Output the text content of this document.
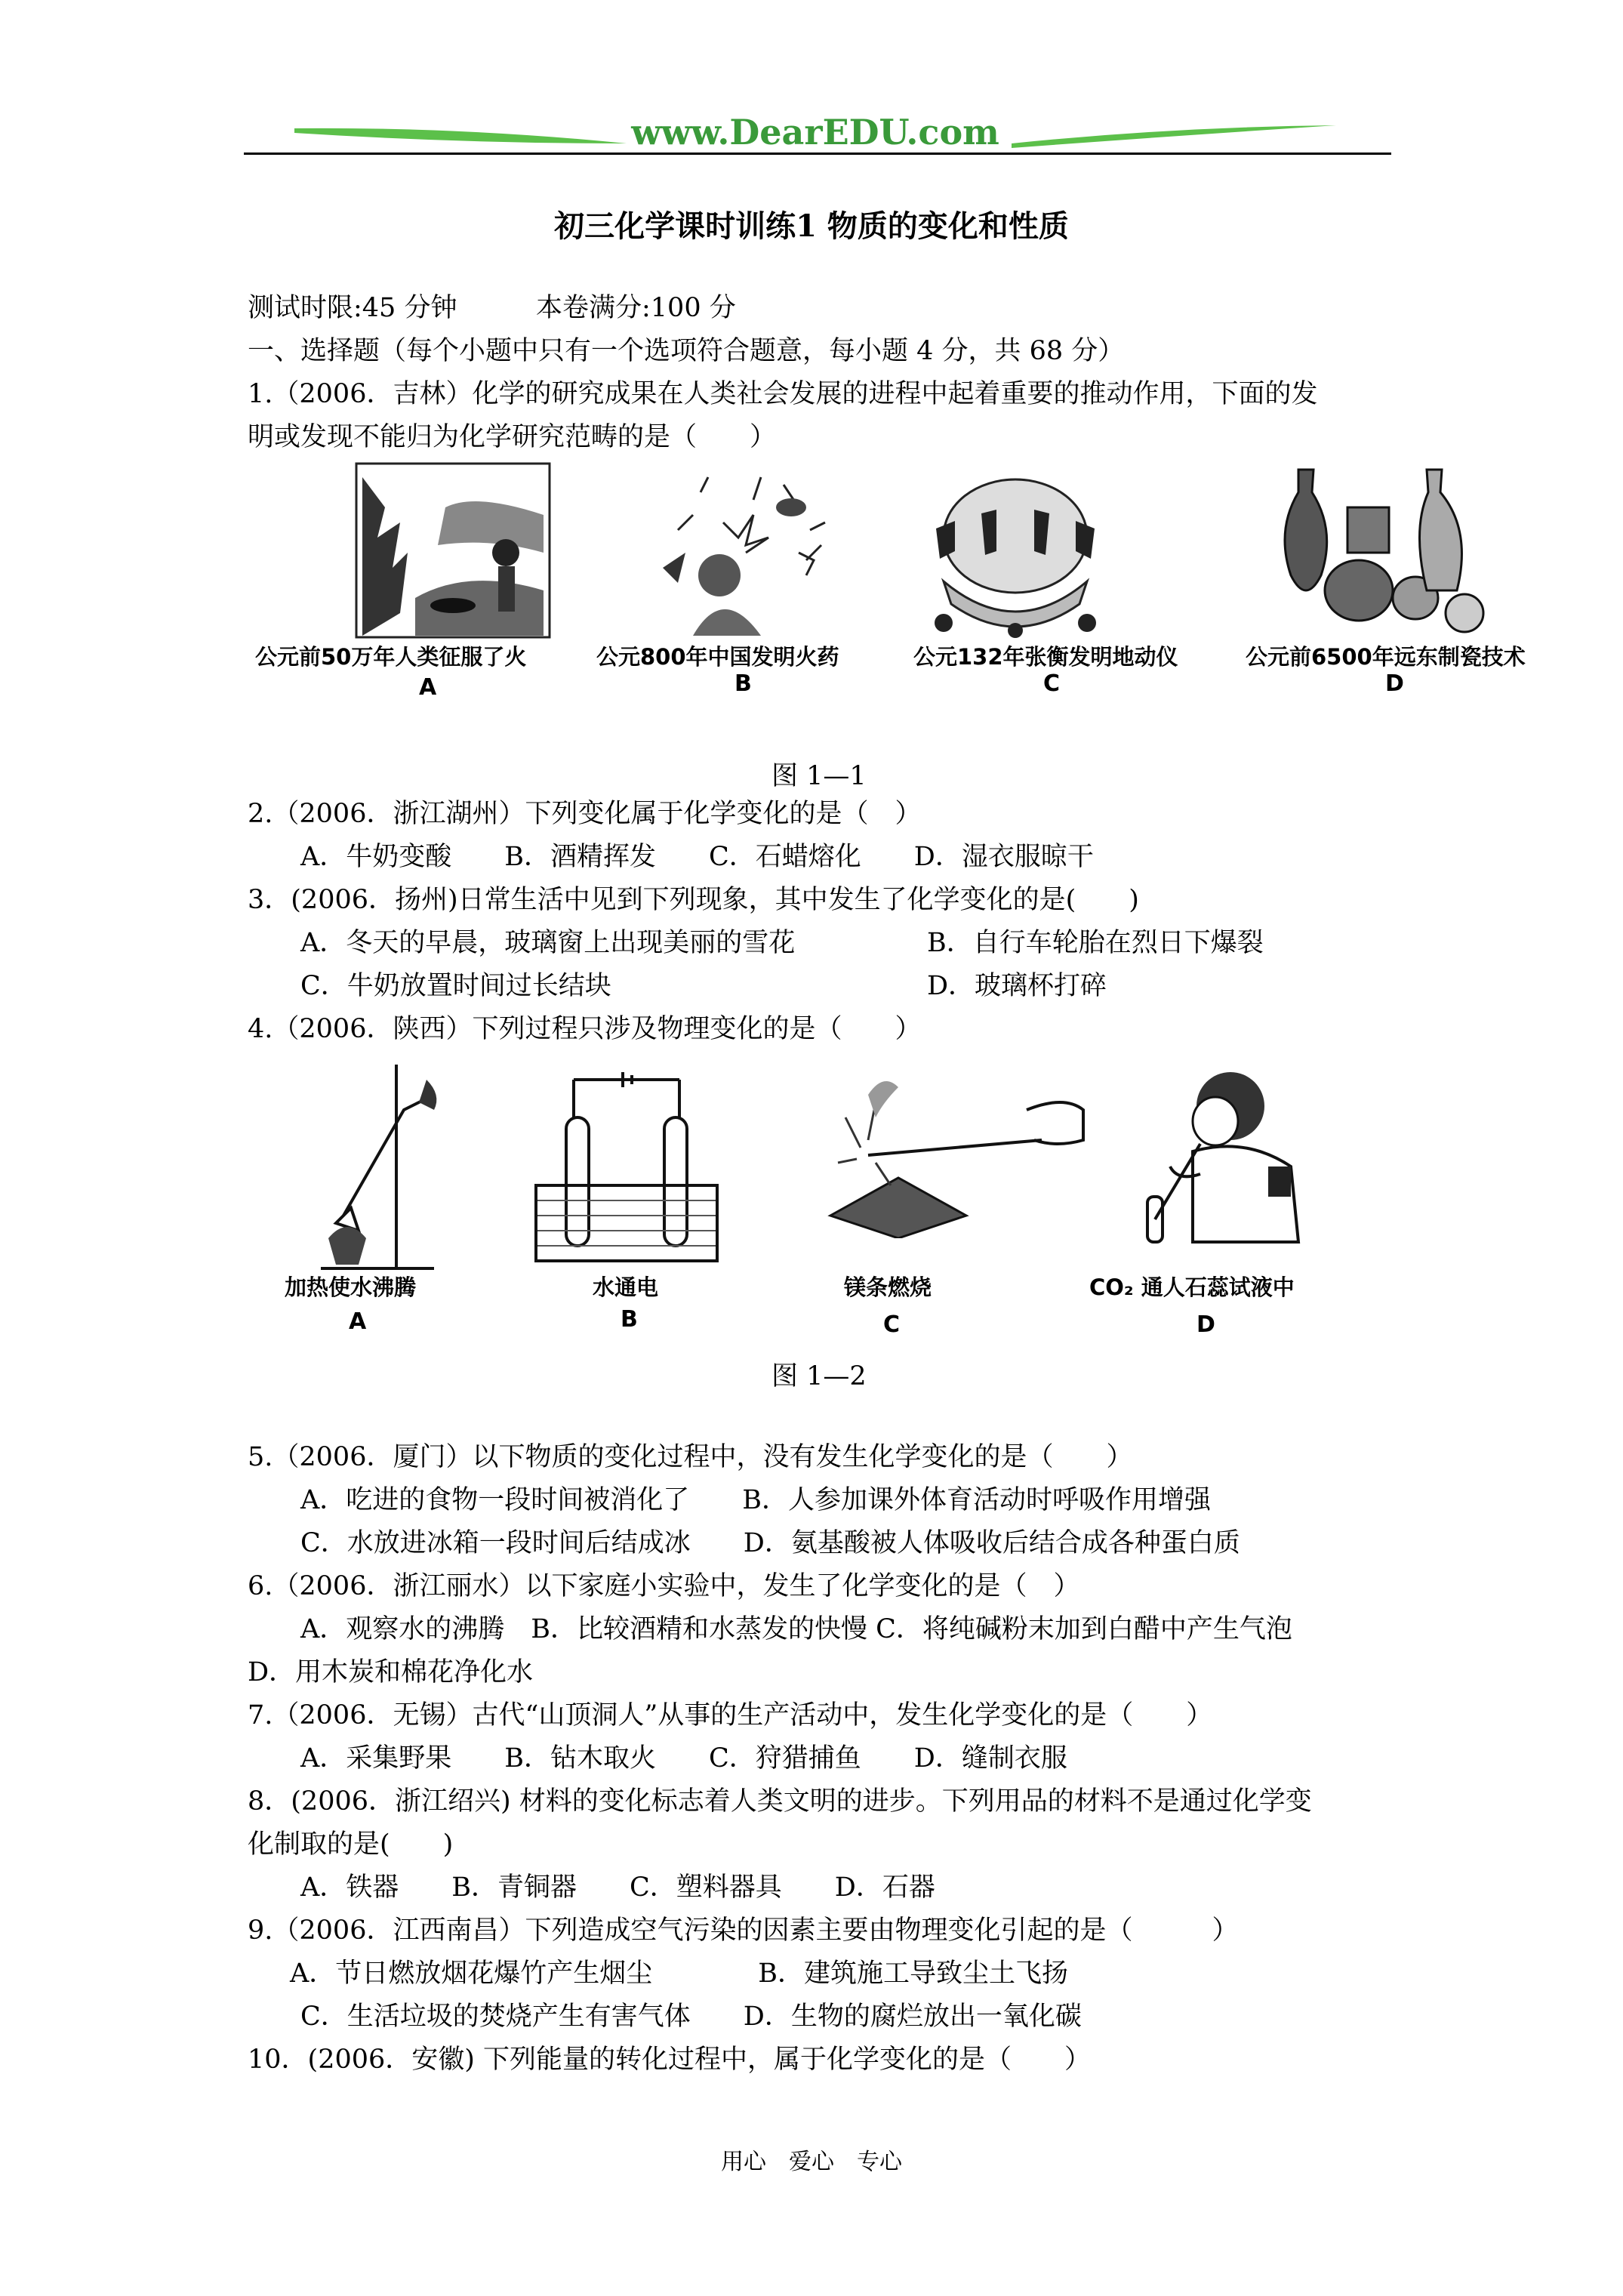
www.DearEDU.com
初三化学课时训练1 物质的变化和性质
测试时限:45 分钟	本卷满分:100 分
一、选择题（每个小题中只有一个选项符合题意，每小题 4 分，共 68 分）
1.（2006．吉林）化学的研究成果在人类社会发展的进程中起着重要的推动作用，下面的发
明或发现不能归为化学研究范畴的是（　　）
公元前50万年人类征服了火	公元800年中国发明火药	公元132年张衡发明地动仪	公元前6500年远东制瓷技术
A	B	C	D
图 1—1
2.（2006．浙江湖州）下列变化属于化学变化的是（　）
A．牛奶变酸　　B．酒精挥发　　C．石蜡熔化　　D．湿衣服晾干
3．(2006．扬州)日常生活中见到下列现象，其中发生了化学变化的是(　　)
A．冬天的早晨，玻璃窗上出现美丽的雪花	B．自行车轮胎在烈日下爆裂
C．牛奶放置时间过长结块	D．玻璃杯打碎
4.（2006．陕西）下列过程只涉及物理变化的是（　　）
加热使水沸腾	水通电	镁条燃烧	CO₂ 通人石蕊试液中
A	B	C	D
图 1—2
5.（2006．厦门）以下物质的变化过程中，没有发生化学变化的是（　　）
A．吃进的食物一段时间被消化了　　B．人参加课外体育活动时呼吸作用增强
C．水放进冰箱一段时间后结成冰　　D．氨基酸被人体吸收后结合成各种蛋白质
6.（2006．浙江丽水）以下家庭小实验中，发生了化学变化的是（　）
A．观察水的沸腾　B．比较酒精和水蒸发的快慢 C．将纯碱粉末加到白醋中产生气泡
D．用木炭和棉花净化水
7.（2006．无锡）古代“山顶洞人”从事的生产活动中，发生化学变化的是（　　）
A．采集野果　　B．钻木取火　　C．狩猎捕鱼　　D．缝制衣服
8．(2006．浙江绍兴) 材料的变化标志着人类文明的进步。下列用品的材料不是通过化学变
化制取的是(　　)
A．铁器　　B．青铜器　　C．塑料器具　　D．石器
9.（2006．江西南昌）下列造成空气污染的因素主要由物理变化引起的是（　　　）
A．节日燃放烟花爆竹产生烟尘　　　　B．建筑施工导致尘土飞扬
C．生活垃圾的焚烧产生有害气体　　D．生物的腐烂放出一氧化碳
10．(2006．安徽) 下列能量的转化过程中，属于化学变化的是（　　）
用心　爱心　专心
